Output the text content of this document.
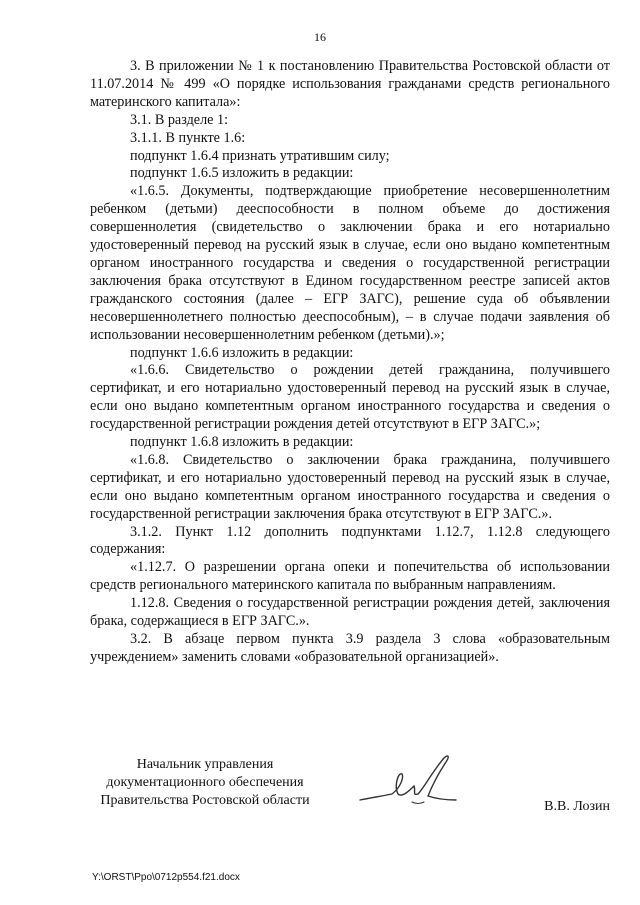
16

3. В приложении № 1 к постановлению Правительства Ростовской области от 11.07.2014 № 499 «О порядке использования гражданами средств регионального материнского капитала»:

3.1. В разделе 1:

3.1.1. В пункте 1.6:

подпункт 1.6.4 признать утратившим силу;

подпункт 1.6.5 изложить в редакции:

«1.6.5. Документы, подтверждающие приобретение несовершеннолетним ребенком (детьми) дееспособности в полном объеме до достижения совершеннолетия (свидетельство о заключении брака и его нотариально удостоверенный перевод на русский язык в случае, если оно выдано компетентным органом иностранного государства и сведения о государственной регистрации заключения брака отсутствуют в Едином государственном реестре записей актов гражданского состояния (далее – ЕГР ЗАГС), решение суда об объявлении несовершеннолетнего полностью дееспособным), – в случае подачи заявления об использовании несовершеннолетним ребенком (детьми).»;

подпункт 1.6.6 изложить в редакции:

«1.6.6. Свидетельство о рождении детей гражданина, получившего сертификат, и его нотариально удостоверенный перевод на русский язык в случае, если оно выдано компетентным органом иностранного государства и сведения о государственной регистрации рождения детей отсутствуют в ЕГР ЗАГС.»;

подпункт 1.6.8 изложить в редакции:

«1.6.8. Свидетельство о заключении брака гражданина, получившего сертификат, и его нотариально удостоверенный перевод на русский язык в случае, если оно выдано компетентным органом иностранного государства и сведения о государственной регистрации заключения брака отсутствуют в ЕГР ЗАГС.».

3.1.2. Пункт 1.12 дополнить подпунктами 1.12.7, 1.12.8 следующего содержания:

«1.12.7. О разрешении органа опеки и попечительства об использовании средств регионального материнского капитала по выбранным направлениям.

1.12.8. Сведения о государственной регистрации рождения детей, заключения брака, содержащиеся в ЕГР ЗАГС.».

3.2. В абзаце первом пункта 3.9 раздела 3 слова «образовательным учреждением» заменить словами «образовательной организацией».

Начальник управления
документационного обеспечения
Правительства Ростовской области	В.В. Лозин
Y:\ORST\Ppo\0712p554.f21.docx
